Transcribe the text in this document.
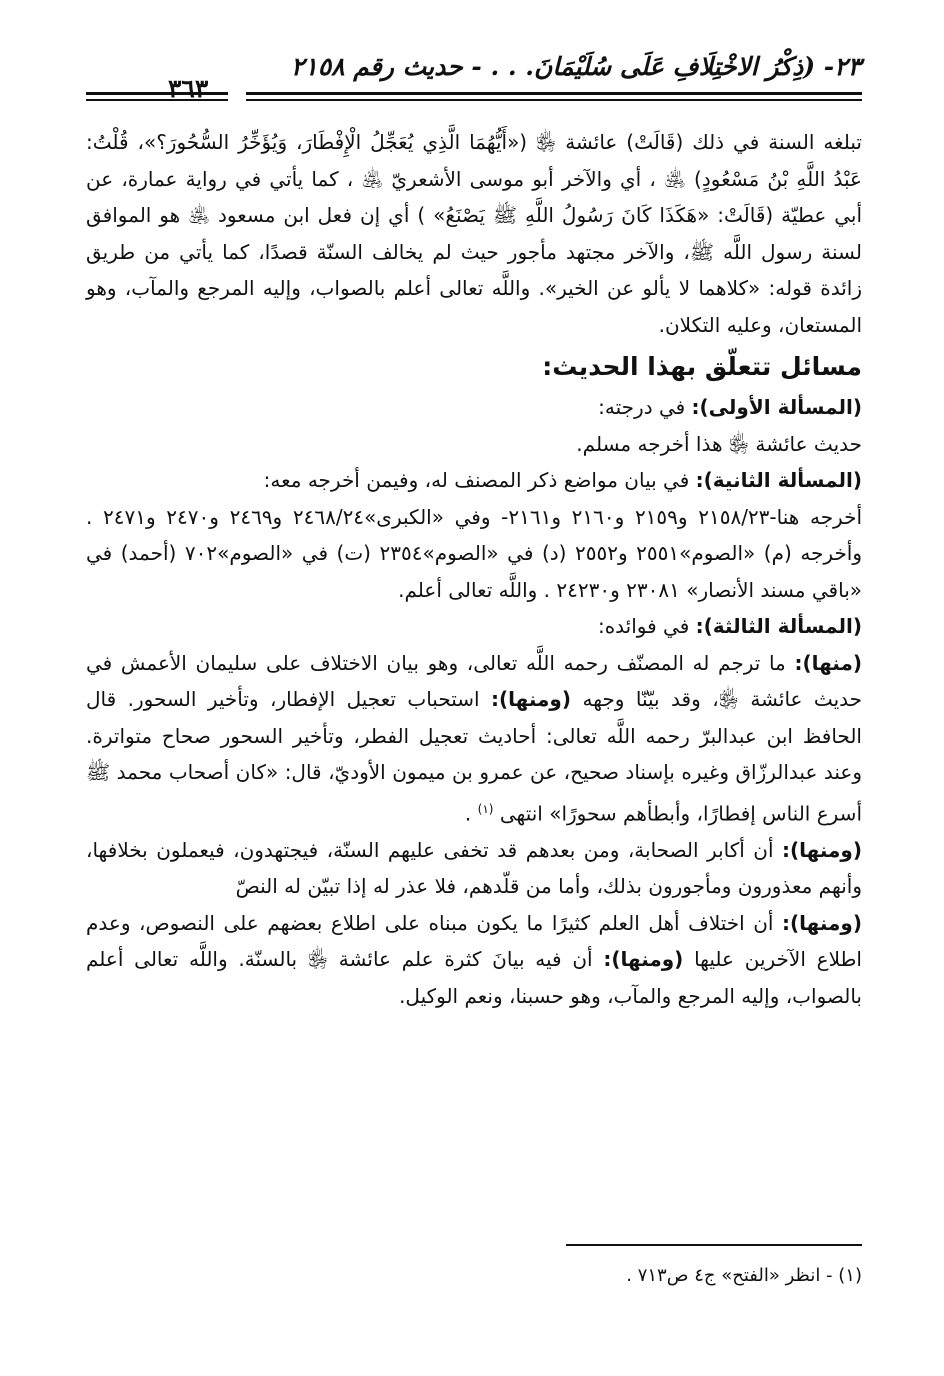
٢٣- (ذِكْرُ الاخْتِلَافِ عَلَى سُلَيْمَانَ. . . - حديث رقم ٢١٥٨
٣٦٣

تبلغه السنة في ذلك (قَالَتْ) عائشة ﵂ («أَيُّهُمَا الَّذِي يُعَجِّلُ الْإِفْطَارَ، وَيُؤَخِّرُ السُّحُورَ؟»، قُلْتُ: عَبْدُ اللَّهِ بْنُ مَسْعُودٍ) ﵁ ، أي والآخر أبو موسى الأشعريّ ﵁ ، كما يأتي في رواية عمارة، عن أبي عطيّة (قَالَتْ: «هَكَذَا كَانَ رَسُولُ اللَّهِ ﷺ يَصْنَعُ» ) أي إن فعل ابن مسعود ﵁ هو الموافق لسنة رسول اللَّه ﷺ، والآخر مجتهد مأجور حيث لم يخالف السنّة قصدًا، كما يأتي من طريق زائدة قوله: «كلاهما لا يألو عن الخير». واللَّه تعالى أعلم بالصواب، وإليه المرجع والمآب، وهو المستعان، وعليه التكلان.

مسائل تتعلّق بهذا الحديث:

(المسألة الأولى): في درجته:

حديث عائشة ﵂ هذا أخرجه مسلم.

(المسألة الثانية): في بيان مواضع ذكر المصنف له، وفيمن أخرجه معه:

أخرجه هنا-٢١٥٨/٢٣ و٢١٥٩ و٢١٦٠ و٢١٦١- وفي «الكبرى»٢٤٦٨/٢٤ و٢٤٦٩ و٢٤٧٠ و٢٤٧١ . وأخرجه (م) «الصوم»٢٥٥١ و٢٥٥٢ (د) في «الصوم»٢٣٥٤ (ت) في «الصوم»٧٠٢ (أحمد) في «باقي مسند الأنصار» ٢٣٠٨١ و٢٤٢٣٠ . واللَّه تعالى أعلم.

(المسألة الثالثة): في فوائده:

(منها): ما ترجم له المصنّف رحمه اللَّه تعالى، وهو بيان الاختلاف على سليمان الأعمش في حديث عائشة ﵂، وقد بيّنّا وجهه (ومنها): استحباب تعجيل الإفطار، وتأخير السحور. قال الحافظ ابن عبدالبرّ رحمه اللَّه تعالى: أحاديث تعجيل الفطر، وتأخير السحور صحاح متواترة. وعند عبدالرزّاق وغيره بإسناد صحيح، عن عمرو بن ميمون الأوديّ، قال: «كان أصحاب محمد ﷺ أسرع الناس إفطارًا، وأبطأهم سحورًا» انتهى $^{(١)}$ .

(ومنها): أن أكابر الصحابة، ومن بعدهم قد تخفى عليهم السنّة، فيجتهدون، فيعملون بخلافها، وأنهم معذورون ومأجورون بذلك، وأما من قلّدهم، فلا عذر له إذا تبيّن له النصّ

(ومنها): أن اختلاف أهل العلم كثيرًا ما يكون مبناه على اطلاع بعضهم على النصوص، وعدم اطلاع الآخرين عليها (ومنها): أن فيه بيانَ كثرة علم عائشة ﵂ بالسنّة. واللَّه تعالى أعلم بالصواب، وإليه المرجع والمآب، وهو حسبنا، ونعم الوكيل.

(١) - انظر «الفتح» ج٤ ص٧١٣ .
